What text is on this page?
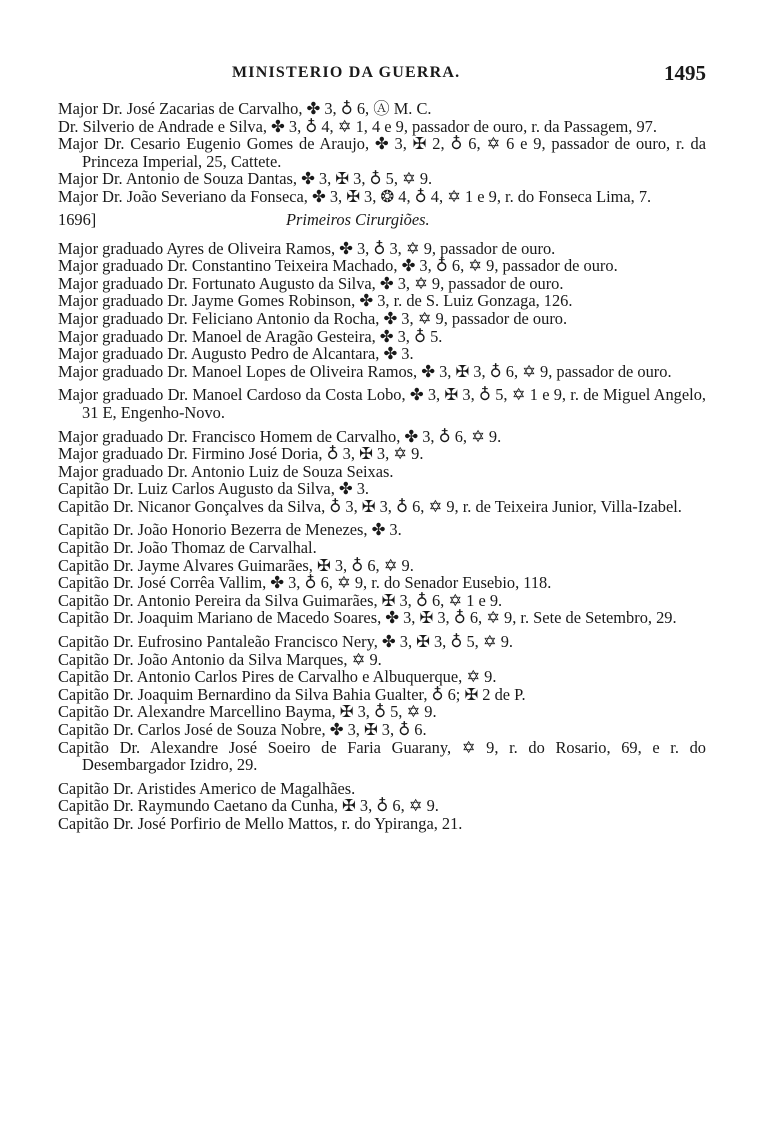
MINISTERIO DA GUERRA.	1495

Major Dr. José Zacarias de Carvalho, ✤ 3, ♁ 6, Ⓐ M. C.

Dr. Silverio de Andrade e Silva, ✤ 3, ♁ 4, ✡ 1, 4 e 9, passador de ouro, r. da Passagem, 97.

Major Dr. Cesario Eugenio Gomes de Araujo, ✤ 3, ✠ 2, ♁ 6, ✡ 6 e 9, passador de ouro, r. da Princeza Imperial, 25, Cattete.

Major Dr. Antonio de Souza Dantas, ✤ 3, ✠ 3, ♁ 5, ✡ 9.

Major Dr. João Severiano da Fonseca, ✤ 3, ✠ 3, ❂ 4, ♁ 4, ✡ 1 e 9, r. do Fonseca Lima, 7.

1696]	Primeiros Cirurgiões.

Major graduado Ayres de Oliveira Ramos, ✤ 3, ♁ 3, ✡ 9, passador de ouro.

Major graduado Dr. Constantino Teixeira Machado, ✤ 3, ♁ 6, ✡ 9, passador de ouro.

Major graduado Dr. Fortunato Augusto da Silva, ✤ 3, ✡ 9, passador de ouro.

Major graduado Dr. Jayme Gomes Robinson, ✤ 3, r. de S. Luiz Gonzaga, 126.

Major graduado Dr. Feliciano Antonio da Rocha, ✤ 3, ✡ 9, passador de ouro.

Major graduado Dr. Manoel de Aragão Gesteira, ✤ 3, ♁ 5.

Major graduado Dr. Augusto Pedro de Alcantara, ✤ 3.

Major graduado Dr. Manoel Lopes de Oliveira Ramos, ✤ 3, ✠ 3, ♁ 6, ✡ 9, passador de ouro.

Major graduado Dr. Manoel Cardoso da Costa Lobo, ✤ 3, ✠ 3, ♁ 5, ✡ 1 e 9, r. de Miguel Angelo, 31 E, Engenho-Novo.

Major graduado Dr. Francisco Homem de Carvalho, ✤ 3, ♁ 6, ✡ 9.

Major graduado Dr. Firmino José Doria, ♁ 3, ✠ 3, ✡ 9.

Major graduado Dr. Antonio Luiz de Souza Seixas.

Capitão Dr. Luiz Carlos Augusto da Silva, ✤ 3.

Capitão Dr. Nicanor Gonçalves da Silva, ♁ 3, ✠ 3, ♁ 6, ✡ 9, r. de Teixeira Junior, Villa-Izabel.

Capitão Dr. João Honorio Bezerra de Menezes, ✤ 3.

Capitão Dr. João Thomaz de Carvalhal.

Capitão Dr. Jayme Alvares Guimarães, ✠ 3, ♁ 6, ✡ 9.

Capitão Dr. José Corrêa Vallim, ✤ 3, ♁ 6, ✡ 9, r. do Senador Eusebio, 118.

Capitão Dr. Antonio Pereira da Silva Guimarães, ✠ 3, ♁ 6, ✡ 1 e 9.

Capitão Dr. Joaquim Mariano de Macedo Soares, ✤ 3, ✠ 3, ♁ 6, ✡ 9, r. Sete de Setembro, 29.

Capitão Dr. Eufrosino Pantaleão Francisco Nery, ✤ 3, ✠ 3, ♁ 5, ✡ 9.

Capitão Dr. João Antonio da Silva Marques, ✡ 9.

Capitão Dr. Antonio Carlos Pires de Carvalho e Albuquerque, ✡ 9.

Capitão Dr. Joaquim Bernardino da Silva Bahia Gualter, ♁ 6; ✠ 2 de P.

Capitão Dr. Alexandre Marcellino Bayma, ✠ 3, ♁ 5, ✡ 9.

Capitão Dr. Carlos José de Souza Nobre, ✤ 3, ✠ 3, ♁ 6.

Capitão Dr. Alexandre José Soeiro de Faria Guarany, ✡ 9, r. do Rosario, 69, e r. do Desembargador Izidro, 29.

Capitão Dr. Aristides Americo de Magalhães.

Capitão Dr. Raymundo Caetano da Cunha, ✠ 3, ♁ 6, ✡ 9.

Capitão Dr. José Porfirio de Mello Mattos, r. do Ypiranga, 21.
